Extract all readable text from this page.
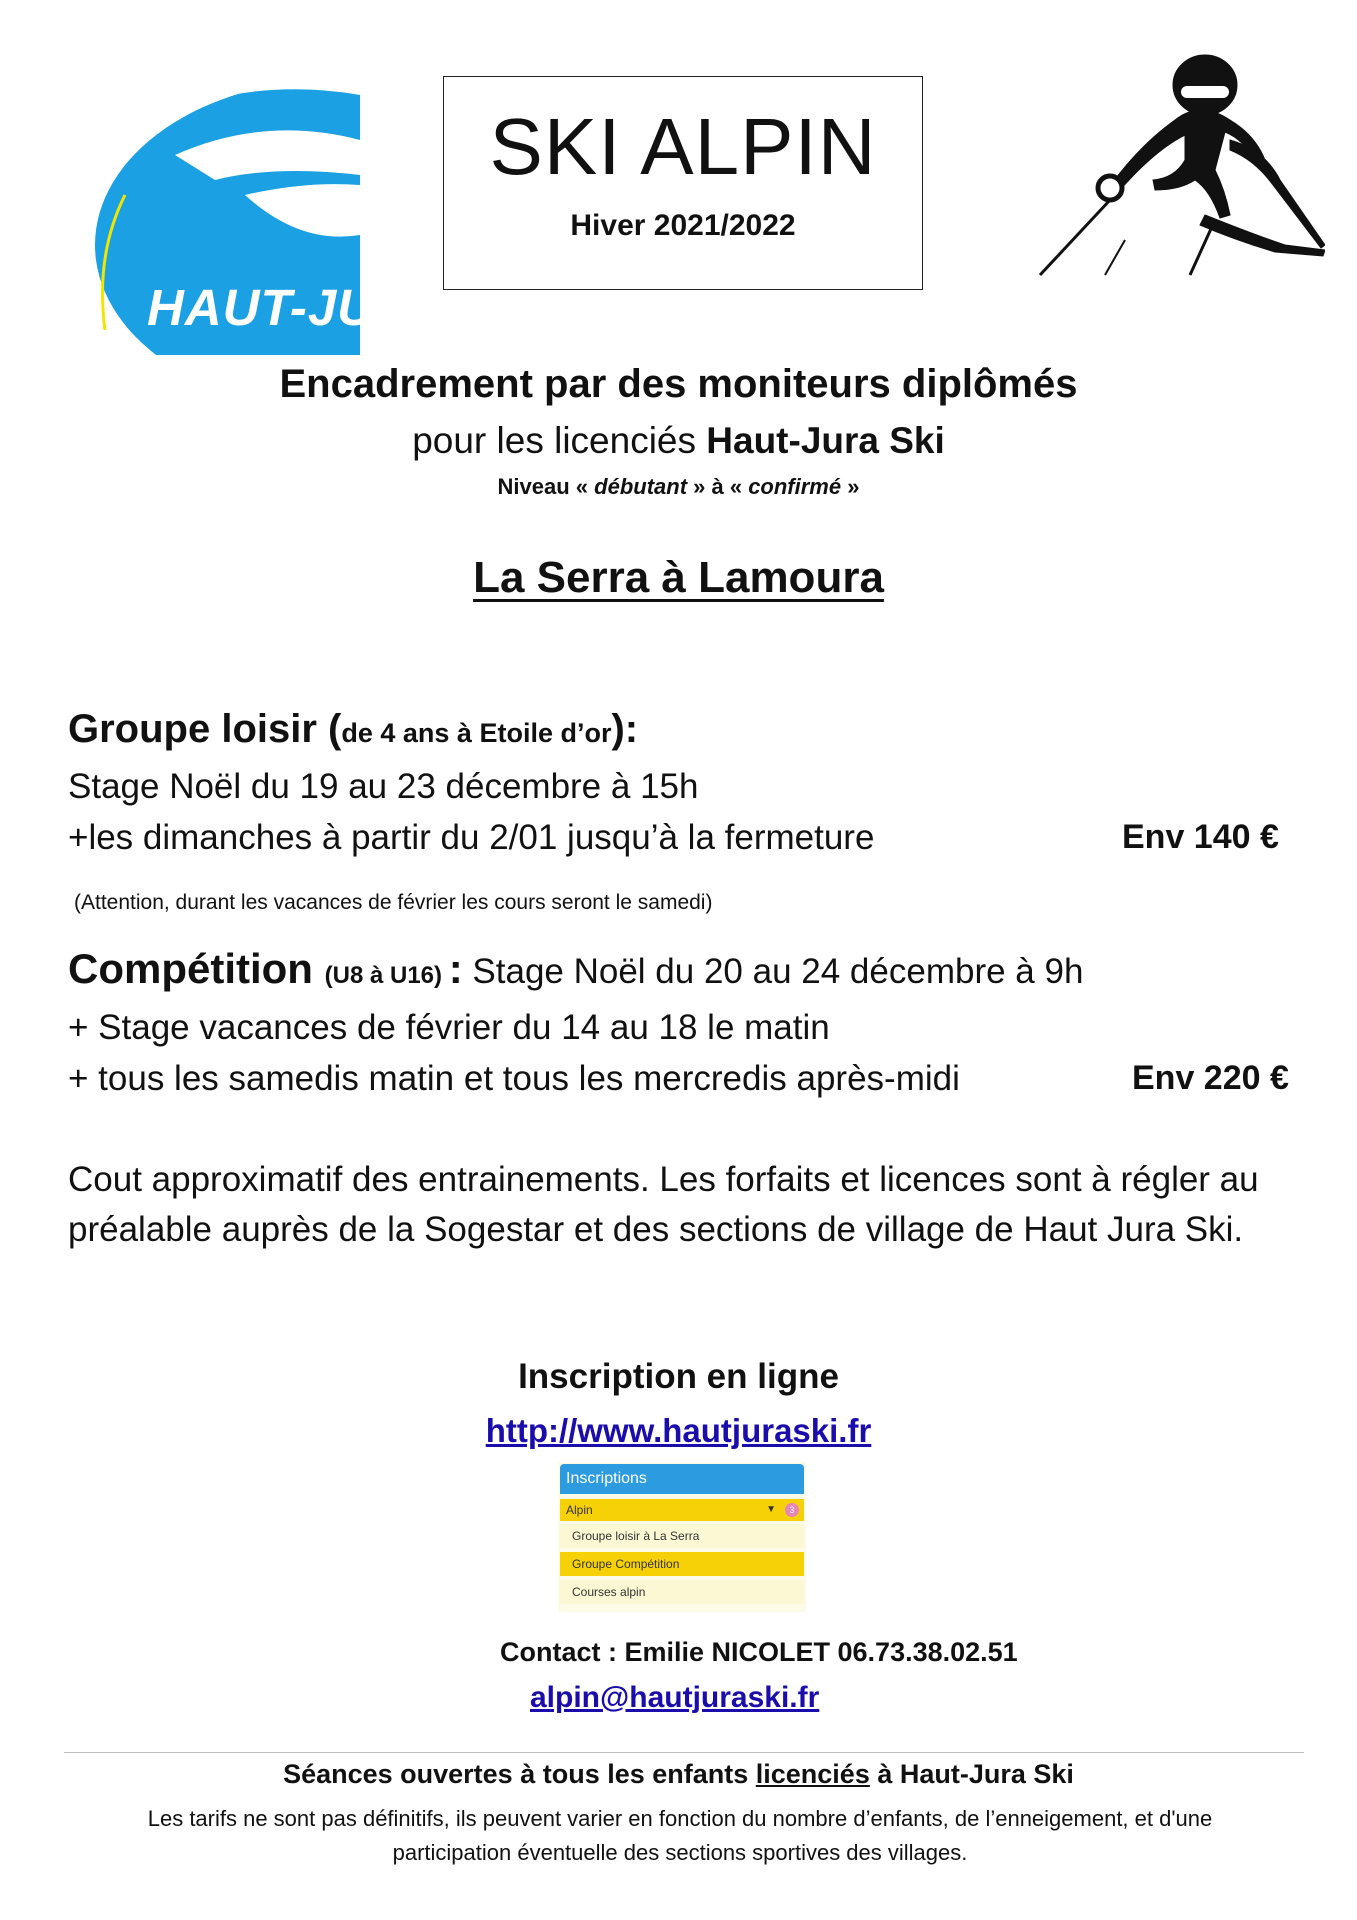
HAUT-JU
SKI ALPIN
Hiver 2021/2022
Encadrement par des moniteurs diplômés
pour les licenciés Haut-Jura Ski
Niveau « débutant » à « confirmé »
La Serra à Lamoura
Groupe loisir (de 4 ans à Etoile d’or):
Stage Noël du 19 au 23 décembre à 15h
+les dimanches à partir du 2/01 jusqu’à la fermeture	Env 140 €
(Attention, durant les vacances de février les cours seront le samedi)
Compétition (U8 à U16) : Stage Noël du 20 au 24 décembre à 9h
+ Stage vacances de février du 14 au 18 le matin
+ tous les samedis matin et tous les mercredis après-midi	Env 220 €
Cout approximatif des entrainements. Les forfaits et licences sont à régler au préalable auprès de la Sogestar et des sections de village de Haut Jura Ski.
Inscription en ligne
http://www.hautjuraski.fr
Inscriptions
Alpin	▼	3
Groupe loisir à La Serra
Groupe Compétition
Courses alpin
Contact : Emilie NICOLET 06.73.38.02.51
alpin@hautjuraski.fr
Séances ouvertes à tous les enfants licenciés à Haut-Jura Ski
Les tarifs ne sont pas définitifs, ils peuvent varier en fonction du nombre d’enfants, de l’enneigement, et d'une participation éventuelle des sections sportives des villages.
